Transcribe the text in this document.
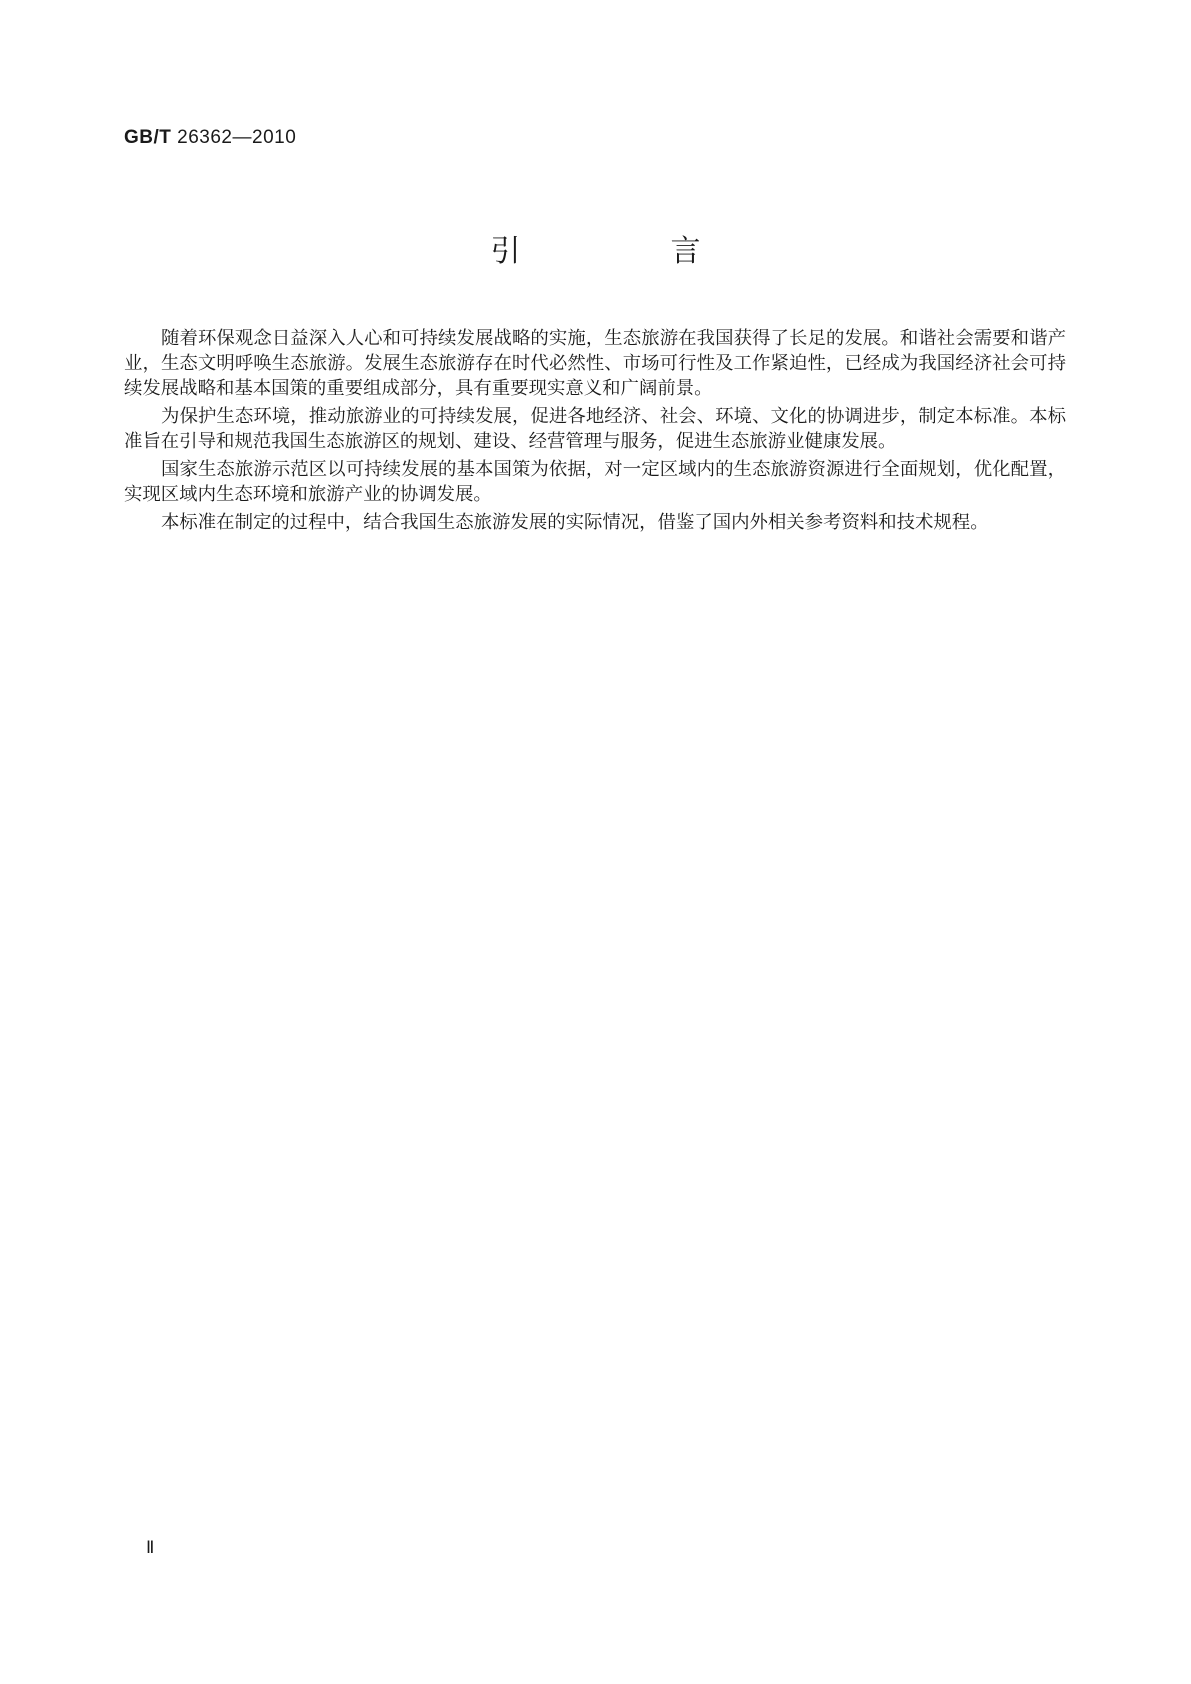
GB/T 26362—2010
引　言

随着环保观念日益深入人心和可持续发展战略的实施，生态旅游在我国获得了长足的发展。和谐社会需要和谐产业，生态文明呼唤生态旅游。发展生态旅游存在时代必然性、市场可行性及工作紧迫性，已经成为我国经济社会可持续发展战略和基本国策的重要组成部分，具有重要现实意义和广阔前景。

为保护生态环境，推动旅游业的可持续发展，促进各地经济、社会、环境、文化的协调进步，制定本标准。本标准旨在引导和规范我国生态旅游区的规划、建设、经营管理与服务，促进生态旅游业健康发展。

国家生态旅游示范区以可持续发展的基本国策为依据，对一定区域内的生态旅游资源进行全面规划，优化配置，实现区域内生态环境和旅游产业的协调发展。

本标准在制定的过程中，结合我国生态旅游发展的实际情况，借鉴了国内外相关参考资料和技术规程。

Ⅱ
